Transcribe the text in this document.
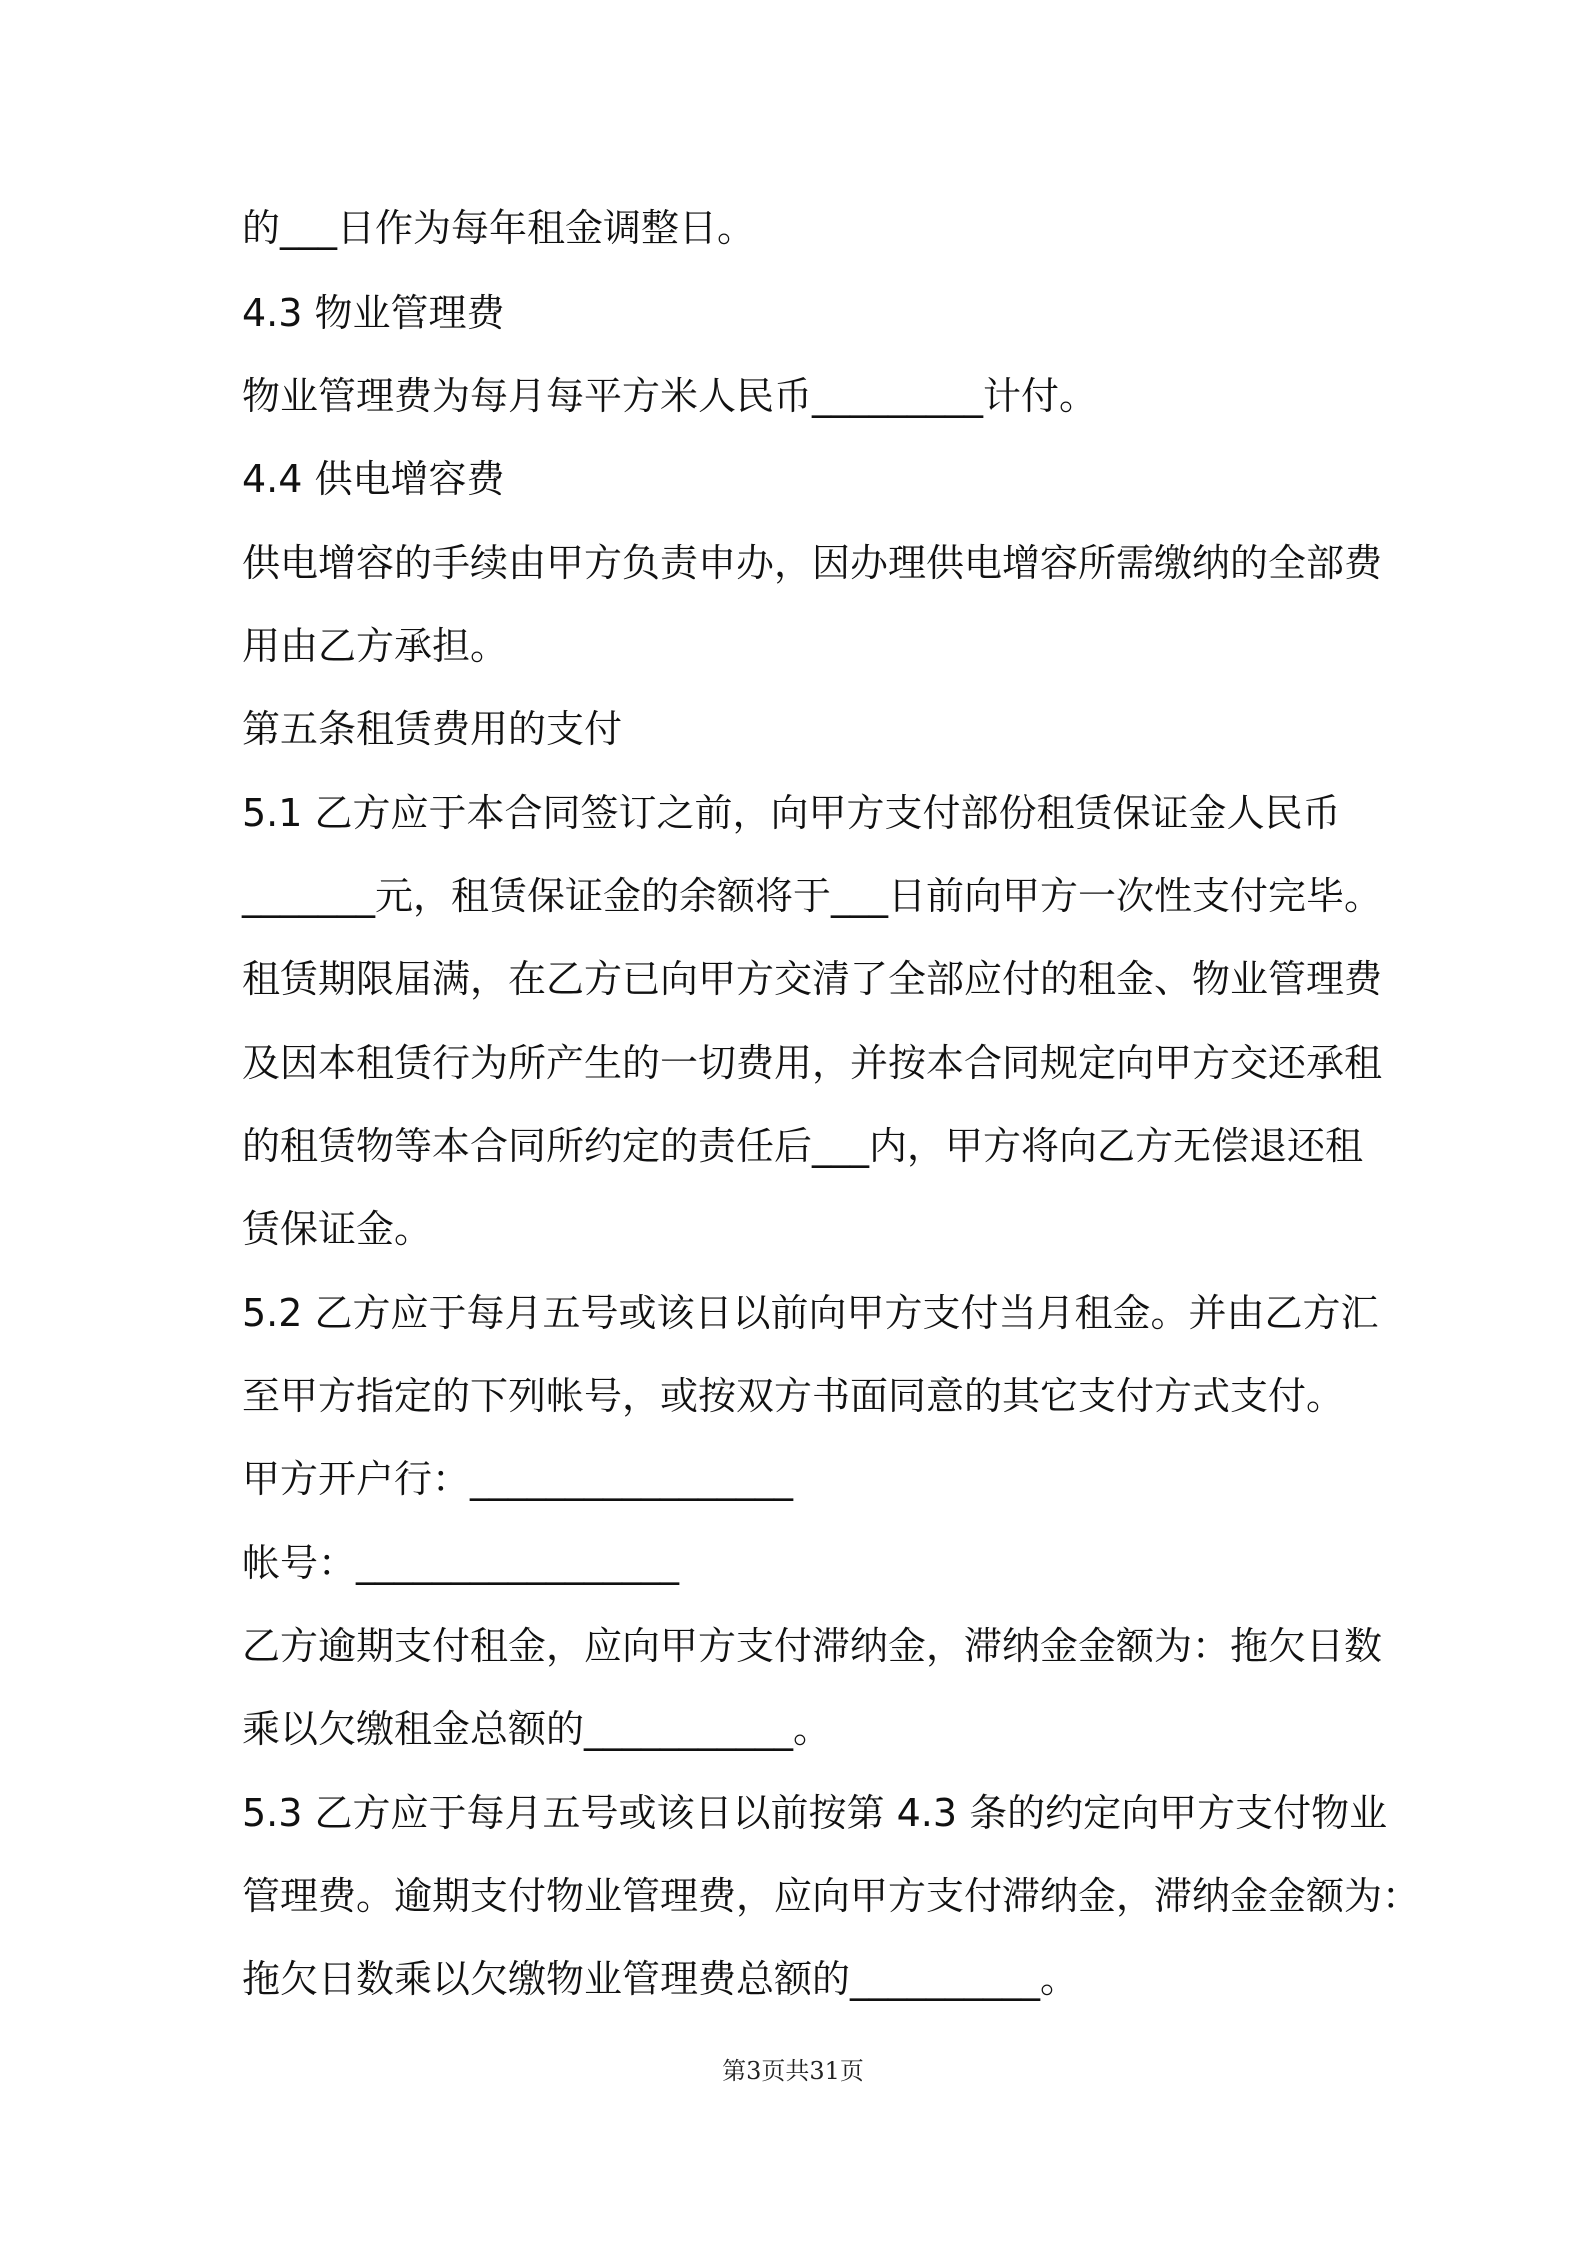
的___日作为每年租金调整日。
4.3 物业管理费
物业管理费为每月每平方米人民币_________计付。
4.4 供电增容费
供电增容的手续由甲方负责申办，因办理供电增容所需缴纳的全部费
用由乙方承担。
第五条租赁费用的支付
5.1 乙方应于本合同签订之前，向甲方支付部份租赁保证金人民币
_______元，租赁保证金的余额将于___日前向甲方一次性支付完毕。
租赁期限届满，在乙方已向甲方交清了全部应付的租金、物业管理费
及因本租赁行为所产生的一切费用，并按本合同规定向甲方交还承租
的租赁物等本合同所约定的责任后___内，甲方将向乙方无偿退还租
赁保证金。
5.2 乙方应于每月五号或该日以前向甲方支付当月租金。并由乙方汇
至甲方指定的下列帐号，或按双方书面同意的其它支付方式支付。
甲方开户行：_________________
帐号：_________________
乙方逾期支付租金，应向甲方支付滞纳金，滞纳金金额为：拖欠日数
乘以欠缴租金总额的___________。
5.3 乙方应于每月五号或该日以前按第 4.3 条的约定向甲方支付物业
管理费。逾期支付物业管理费，应向甲方支付滞纳金，滞纳金金额为：
拖欠日数乘以欠缴物业管理费总额的__________。
第3页共31页
